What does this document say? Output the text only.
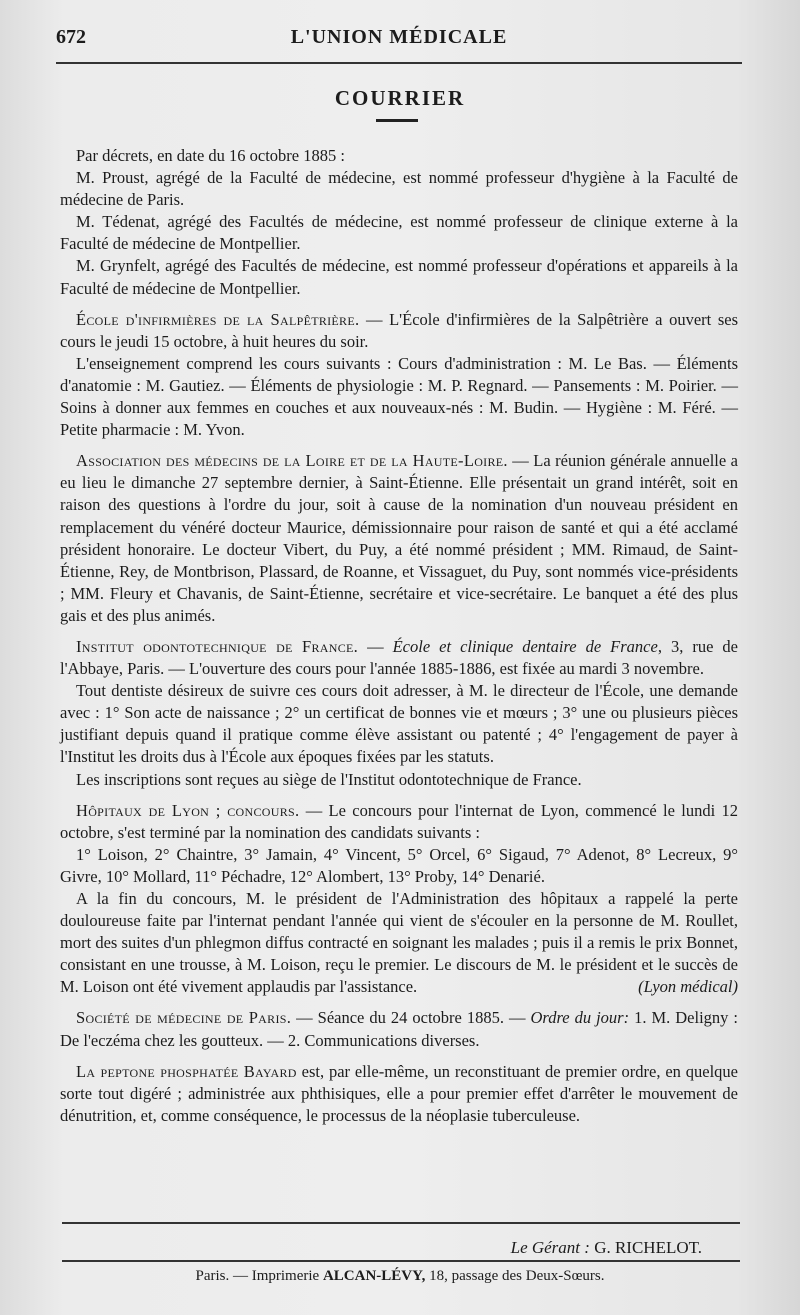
672	L'UNION MÉDICALE
COURRIER

Par décrets, en date du 16 octobre 1885 :

M. Proust, agrégé de la Faculté de médecine, est nommé professeur d'hygiène à la Faculté de médecine de Paris.

M. Tédenat, agrégé des Facultés de médecine, est nommé professeur de clinique externe à la Faculté de médecine de Montpellier.

M. Grynfelt, agrégé des Facultés de médecine, est nommé professeur d'opérations et appareils à la Faculté de médecine de Montpellier.

École d'infirmières de la Salpêtrière. — L'École d'infirmières de la Salpêtrière a ouvert ses cours le jeudi 15 octobre, à huit heures du soir.

L'enseignement comprend les cours suivants : Cours d'administration : M. Le Bas. — Éléments d'anatomie : M. Gautiez. — Éléments de physiologie : M. P. Regnard. — Pansements : M. Poirier. — Soins à donner aux femmes en couches et aux nouveaux-nés : M. Budin. — Hygiène : M. Féré. — Petite pharmacie : M. Yvon.

Association des médecins de la Loire et de la Haute-Loire. — La réunion générale annuelle a eu lieu le dimanche 27 septembre dernier, à Saint-Étienne. Elle présentait un grand intérêt, soit en raison des questions à l'ordre du jour, soit à cause de la nomination d'un nouveau président en remplacement du vénéré docteur Maurice, démissionnaire pour raison de santé et qui a été acclamé président honoraire. Le docteur Vibert, du Puy, a été nommé président ; MM. Rimaud, de Saint-Étienne, Rey, de Montbrison, Plassard, de Roanne, et Vissaguet, du Puy, sont nommés vice-présidents ; MM. Fleury et Chavanis, de Saint-Étienne, secrétaire et vice-secrétaire. Le banquet a été des plus gais et des plus animés.

Institut odontotechnique de France. — École et clinique dentaire de France, 3, rue de l'Abbaye, Paris. — L'ouverture des cours pour l'année 1885-1886, est fixée au mardi 3 novembre.

Tout dentiste désireux de suivre ces cours doit adresser, à M. le directeur de l'École, une demande avec : 1° Son acte de naissance ; 2° un certificat de bonnes vie et mœurs ; 3° une ou plusieurs pièces justifiant depuis quand il pratique comme élève assistant ou patenté ; 4° l'engagement de payer à l'Institut les droits dus à l'École aux époques fixées par les statuts.

Les inscriptions sont reçues au siège de l'Institut odontotechnique de France.

Hôpitaux de Lyon ; concours. — Le concours pour l'internat de Lyon, commencé le lundi 12 octobre, s'est terminé par la nomination des candidats suivants :

1° Loison, 2° Chaintre, 3° Jamain, 4° Vincent, 5° Orcel, 6° Sigaud, 7° Adenot, 8° Lecreux, 9° Givre, 10° Mollard, 11° Péchadre, 12° Alombert, 13° Proby, 14° Denarié.

A la fin du concours, M. le président de l'Administration des hôpitaux a rappelé la perte douloureuse faite par l'internat pendant l'année qui vient de s'écouler en la personne de M. Roullet, mort des suites d'un phlegmon diffus contracté en soignant les malades ; puis il a remis le prix Bonnet, consistant en une trousse, à M. Loison, reçu le premier. Le discours de M. le président et le succès de M. Loison ont été vivement applaudis par l'assistance.	(Lyon médical)

Société de médecine de Paris. — Séance du 24 octobre 1885. — Ordre du jour: 1. M. Deligny : De l'eczéma chez les goutteux. — 2. Communications diverses.

La peptone phosphatée Bayard est, par elle-même, un reconstituant de premier ordre, en quelque sorte tout digéré ; administrée aux phthisiques, elle a pour premier effet d'arrêter le mouvement de dénutrition, et, comme conséquence, le processus de la néoplasie tuberculeuse.

Le Gérant : G. RICHELOT.
Paris. — Imprimerie ALCAN-LÉVY, 18, passage des Deux-Sœurs.
